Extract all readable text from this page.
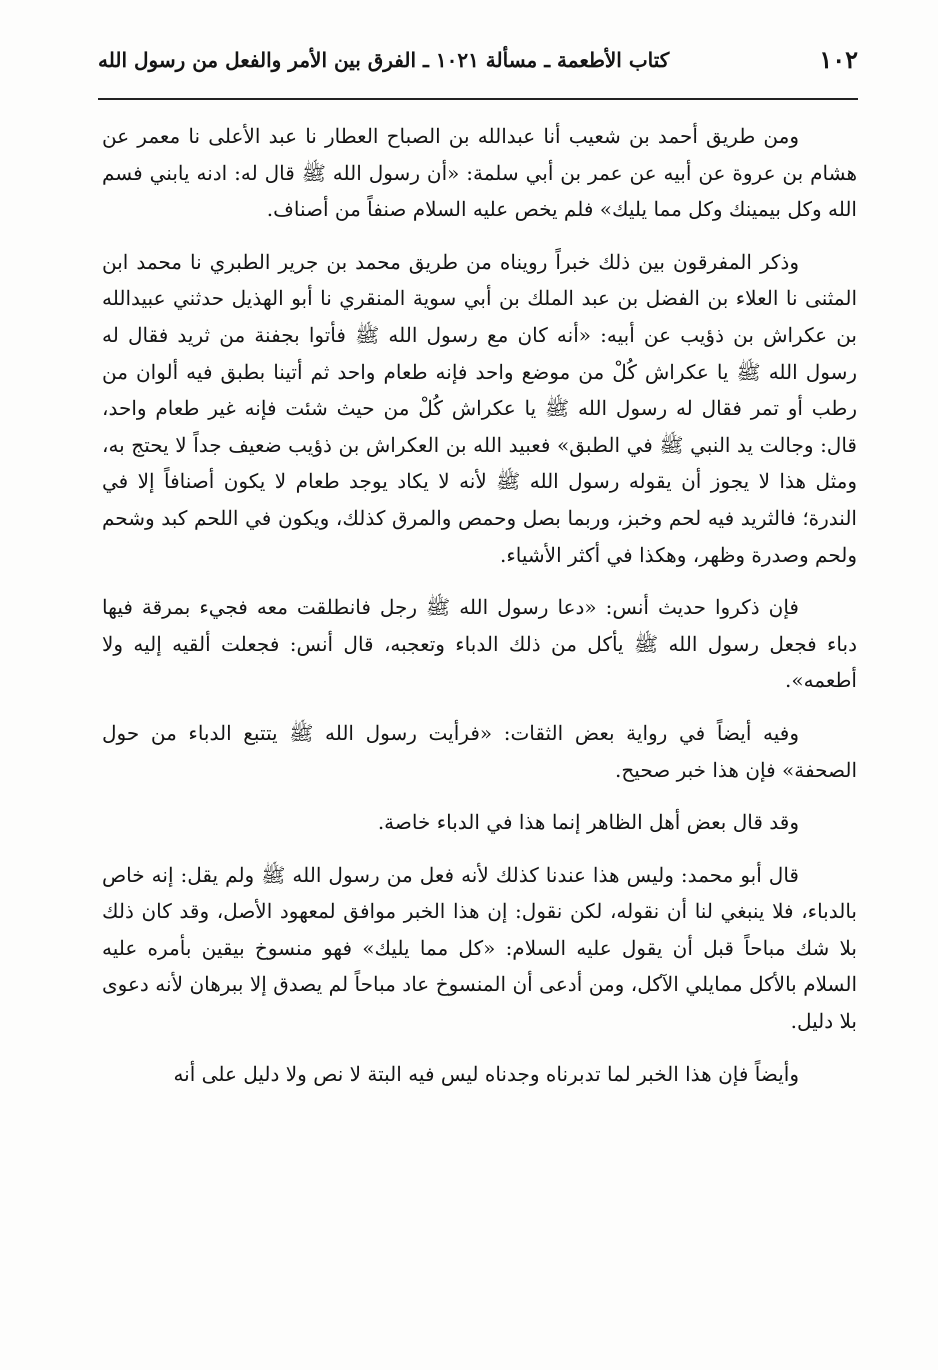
١٠٢
كتاب الأطعمة ـ مسألة ١٠٢١ ـ الفرق بين الأمر والفعل من رسول الله

ومن طريق أحمد بن شعيب أنا عبدالله بن الصباح العطار نا عبد الأعلى نا معمر عن هشام بن عروة عن أبيه عن عمر بن أبي سلمة: «أن رسول الله ﷺ قال له: ادنه يابني فسم الله وكل بيمينك وكل مما يليك» فلم يخص عليه السلام صنفاً من أصناف.

وذكر المفرقون بين ذلك خبراً رويناه من طريق محمد بن جرير الطبري نا محمد ابن المثنى نا العلاء بن الفضل بن عبد الملك بن أبي سوية المنقري نا أبو الهذيل حدثني عبيدالله بن عكراش بن ذؤيب عن أبيه: «أنه كان مع رسول الله ﷺ فأتوا بجفنة من ثريد فقال له رسول الله ﷺ يا عكراش كُلْ من موضع واحد فإنه طعام واحد ثم أتينا بطبق فيه ألوان من رطب أو تمر فقال له رسول الله ﷺ يا عكراش كُلْ من حيث شئت فإنه غير طعام واحد، قال: وجالت يد النبي ﷺ في الطبق» فعبيد الله بن العكراش بن ذؤيب ضعيف جداً لا يحتج به، ومثل هذا لا يجوز أن يقوله رسول الله ﷺ لأنه لا يكاد يوجد طعام لا يكون أصنافاً إلا في الندرة؛ فالثريد فيه لحم وخبز، وربما بصل وحمص والمرق كذلك، ويكون في اللحم كبد وشحم ولحم وصدرة وظهر، وهكذا في أكثر الأشياء.

فإن ذكروا حديث أنس: «دعا رسول الله ﷺ رجل فانطلقت معه فجيء بمرقة فيها دباء فجعل رسول الله ﷺ يأكل من ذلك الدباء وتعجبه، قال أنس: فجعلت ألقيه إليه ولا أطعمه».

وفيه أيضاً في رواية بعض الثقات: «فرأيت رسول الله ﷺ يتتبع الدباء من حول الصحفة» فإن هذا خبر صحيح.

وقد قال بعض أهل الظاهر إنما هذا في الدباء خاصة.

قال أبو محمد: وليس هذا عندنا كذلك لأنه فعل من رسول الله ﷺ ولم يقل: إنه خاص بالدباء، فلا ينبغي لنا أن نقوله، لكن نقول: إن هذا الخبر موافق لمعهود الأصل، وقد كان ذلك بلا شك مباحاً قبل أن يقول عليه السلام: «كل مما يليك» فهو منسوخ بيقين بأمره عليه السلام بالأكل ممايلي الآكل، ومن أدعى أن المنسوخ عاد مباحاً لم يصدق إلا ببرهان لأنه دعوى بلا دليل.

وأيضاً فإن هذا الخبر لما تدبرناه وجدناه ليس فيه البتة لا نص ولا دليل على أنه
